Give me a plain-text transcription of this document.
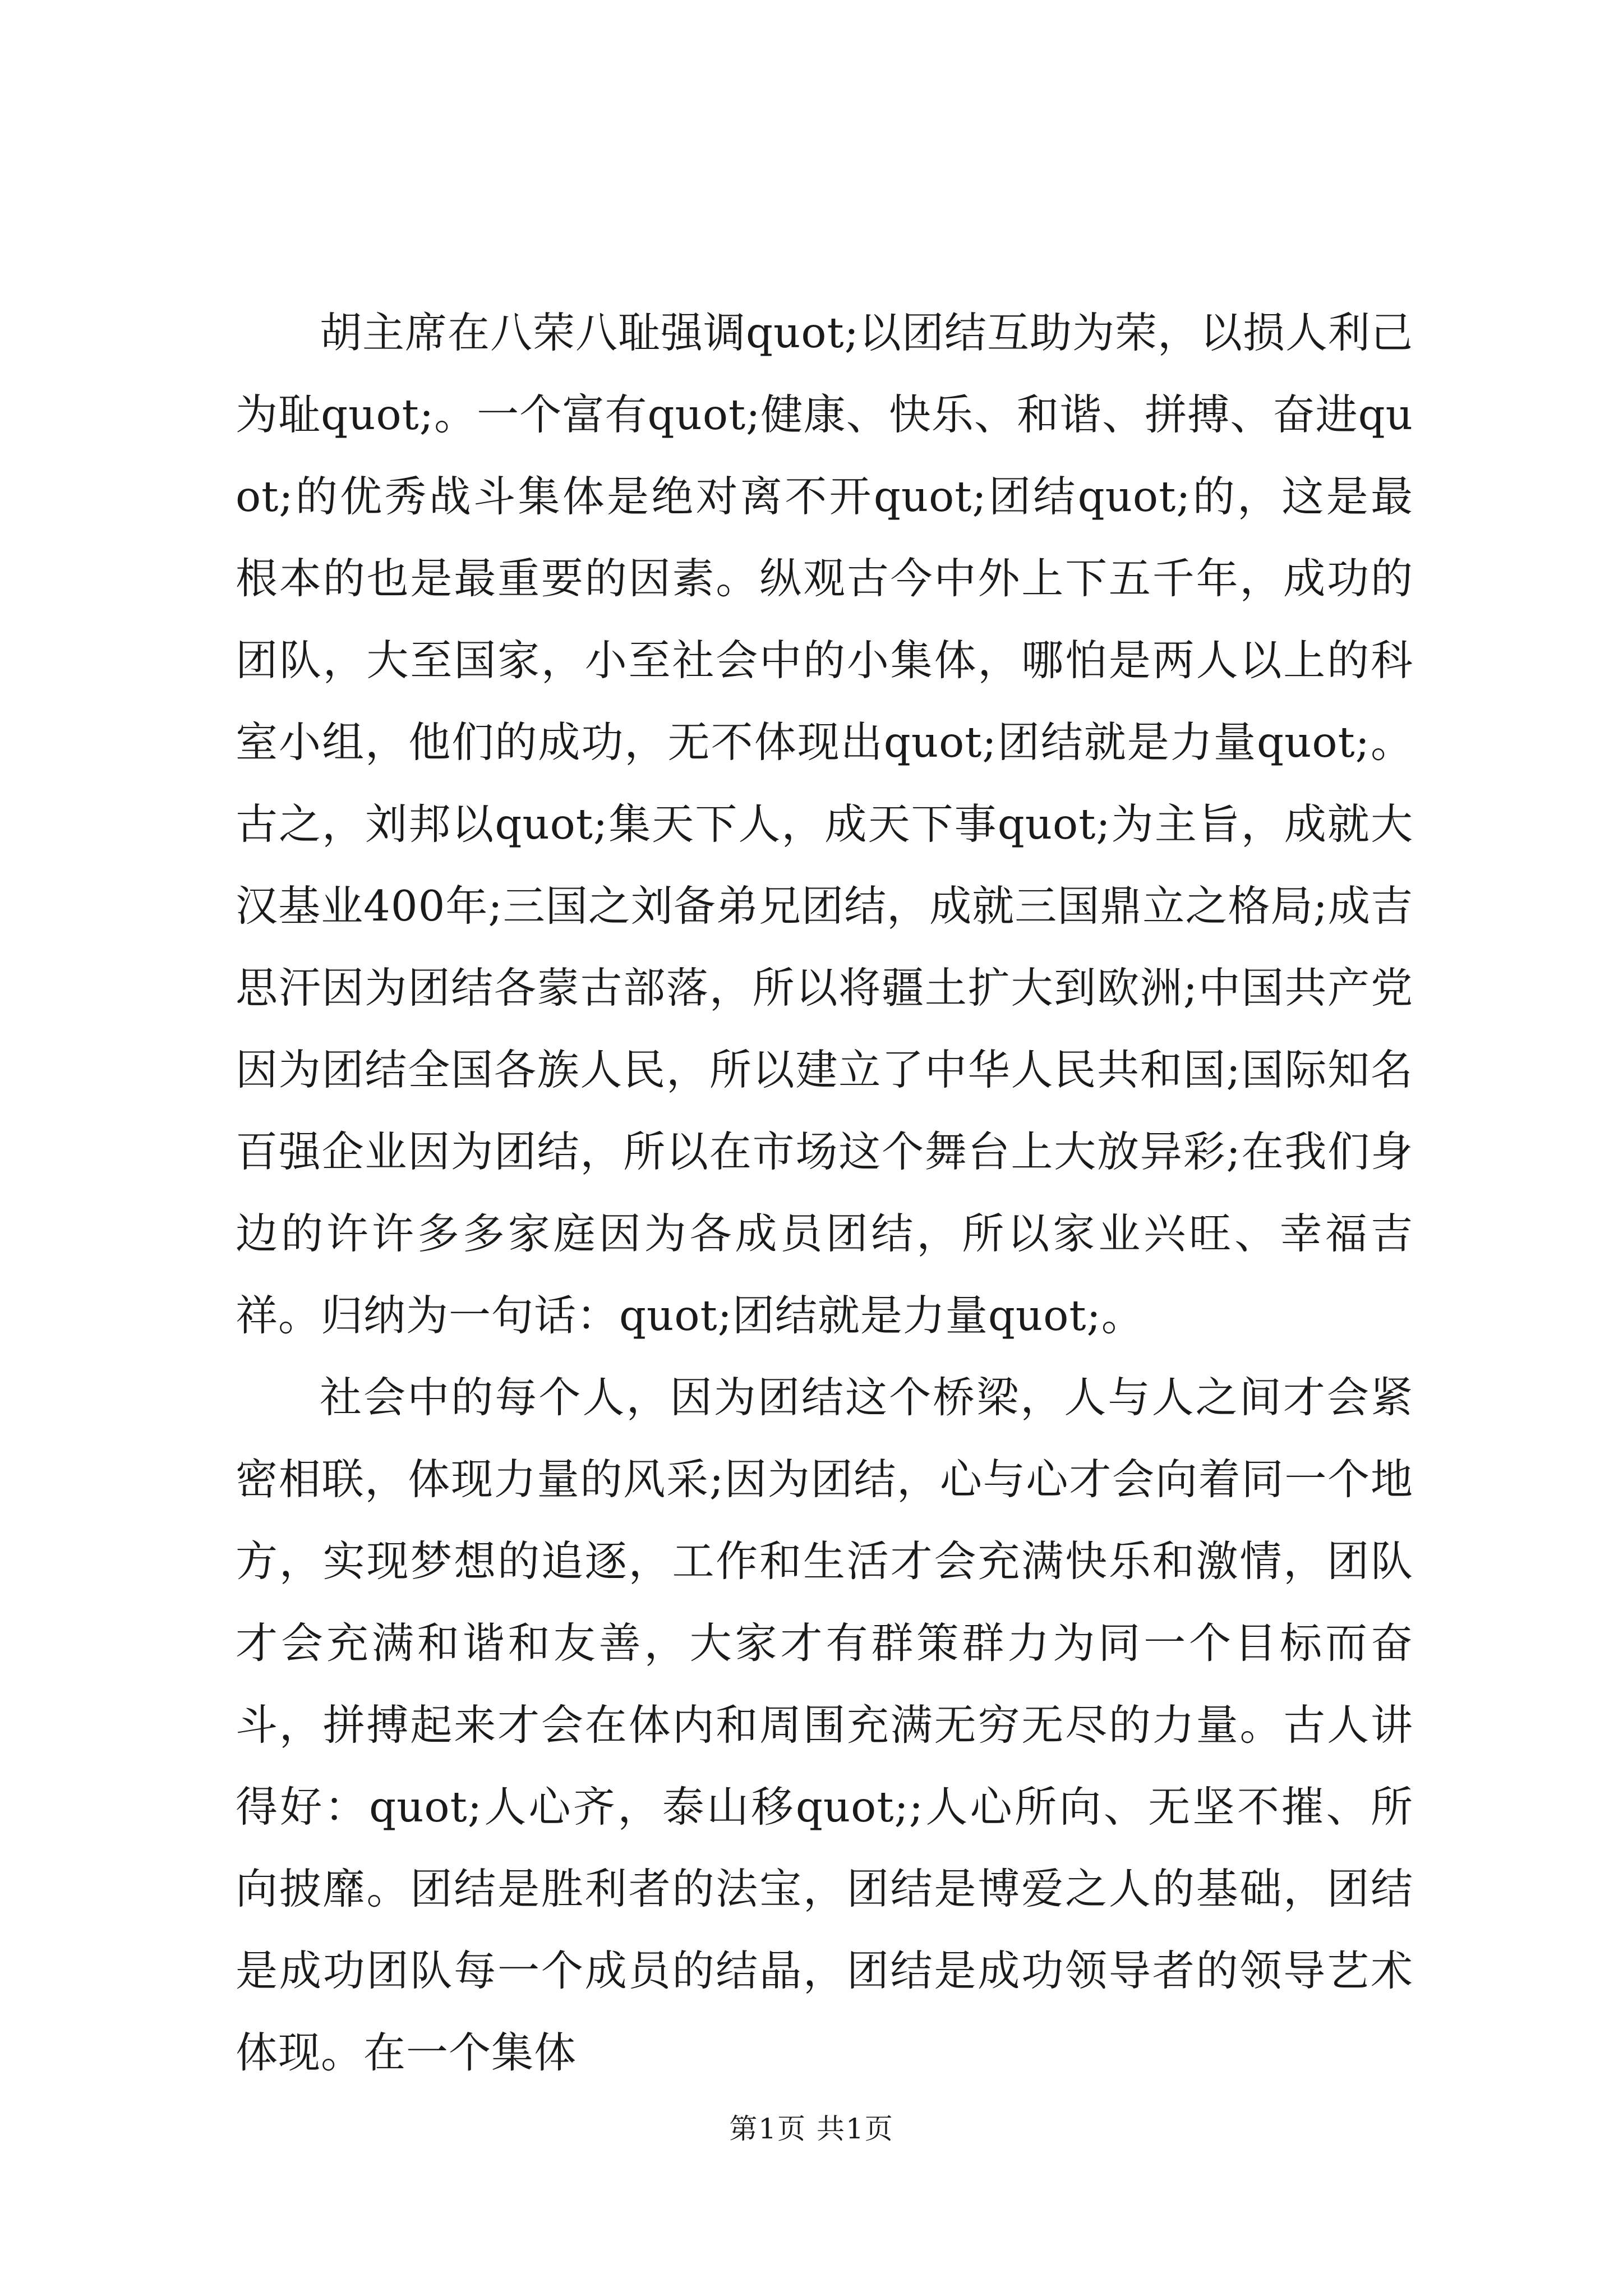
胡主席在八荣八耻强调quot;以团结互助为荣，以损人利己为耻quot;。一个富有quot;健康、快乐、和谐、拼搏、奋进quot;的优秀战斗集体是绝对离不开quot;团结quot;的，这是最根本的也是最重要的因素。纵观古今中外上下五千年，成功的团队，大至国家，小至社会中的小集体，哪怕是两人以上的科室小组，他们的成功，无不体现出quot;团结就是力量quot;。古之，刘邦以quot;集天下人，成天下事quot;为主旨，成就大汉基业400年;三国之刘备弟兄团结，成就三国鼎立之格局;成吉思汗因为团结各蒙古部落，所以将疆土扩大到欧洲;中国共产党因为团结全国各族人民，所以建立了中华人民共和国;国际知名百强企业因为团结，所以在市场这个舞台上大放异彩;在我们身边的许许多多家庭因为各成员团结，所以家业兴旺、幸福吉祥。归纳为一句话：quot;团结就是力量quot;。

社会中的每个人，因为团结这个桥梁，人与人之间才会紧密相联，体现力量的风采;因为团结，心与心才会向着同一个地方，实现梦想的追逐，工作和生活才会充满快乐和激情，团队才会充满和谐和友善，大家才有群策群力为同一个目标而奋斗，拼搏起来才会在体内和周围充满无穷无尽的力量。古人讲得好：quot;人心齐，泰山移quot;;人心所向、无坚不摧、所向披靡。团结是胜利者的法宝，团结是博爱之人的基础，团结是成功团队每一个成员的结晶，团结是成功领导者的领导艺术体现。在一个集体

第1页 共1页
